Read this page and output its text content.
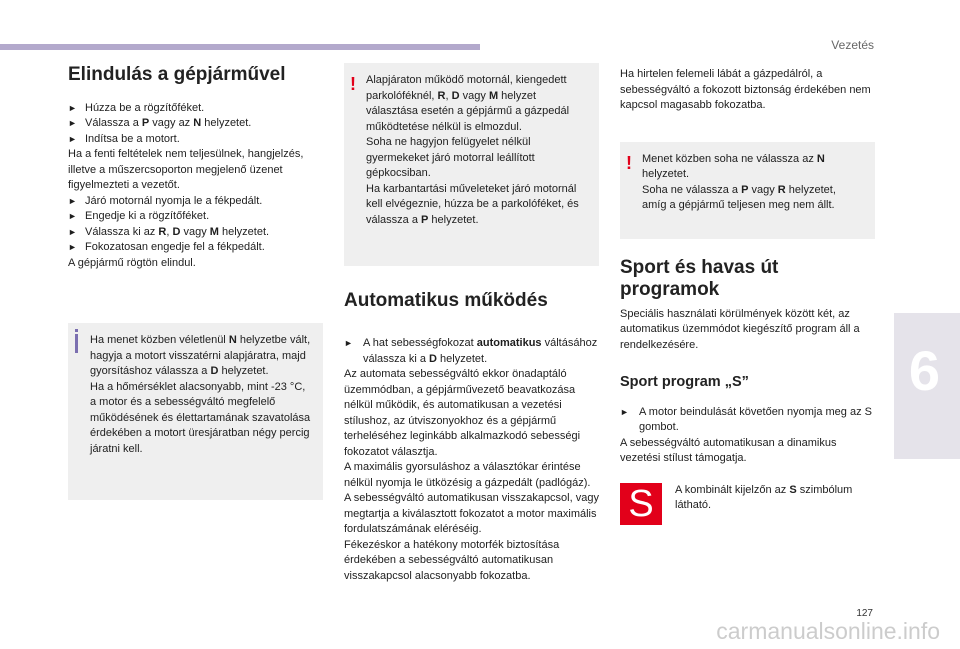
Vezetés
6
127
carmanualsonline.info
Elindulás a gépjárművel
► Húzza be a rögzítőféket.
► Válassza a P vagy az N helyzetet.
► Indítsa be a motort.

Ha a fenti feltételek nem teljesülnek, hangjelzés, illetve a műszercsoporton megjelenő üzenet figyelmezteti a vezetőt.

► Járó motornál nyomja le a fékpedált.
► Engedje ki a rögzítőféket.
► Válassza ki az R, D vagy M helyzetet.
► Fokozatosan engedje fel a fékpedált.

A gépjármű rögtön elindul.

Ha menet közben véletlenül N helyzetbe vált, hagyja a motort visszatérni alapjáratra, majd gyorsításhoz válassza a D helyzetet.

Ha a hőmérséklet alacsonyabb, mint -23 °C, a motor és a sebességváltó megfelelő működésének és élettartamának szavatolása érdekében a motort üresjáratban négy percig járatni kell.

! Alapjáraton működő motornál, kiengedett parkolóféknél, R, D vagy M helyzet választása esetén a gépjármű a gázpedál működtetése nélkül is elmozdul.

Soha ne hagyjon felügyelet nélkül gyermekeket járó motorral leállított gépkocsiban.

Ha karbantartási műveleteket járó motornál kell elvégeznie, húzza be a parkolóféket, és válassza a P helyzetet.

Automatikus működés
► A hat sebességfokozat automatikus váltásához válassza ki a D helyzetet.

Az automata sebességváltó ekkor önadaptáló üzemmódban, a gépjárművezető beavatkozása nélkül működik, és automatikusan a vezetési stílushoz, az útviszonyokhoz és a gépjármű terheléséhez leginkább alkalmazkodó sebességi fokozatot választja.

A maximális gyorsuláshoz a választókar érintése nélkül nyomja le ütközésig a gázpedált (padlógáz). A sebességváltó automatikusan visszakapcsol, vagy megtartja a kiválasztott fokozatot a motor maximális fordulatszámának eléréséig.

Fékezéskor a hatékony motorfék biztosítása érdekében a sebességváltó automatikusan visszakapcsol alacsonyabb fokozatba.

Ha hirtelen felemeli lábát a gázpedálról, a sebességváltó a fokozott biztonság érdekében nem kapcsol magasabb fokozatba.

! Menet közben soha ne válassza az N helyzetet.

Soha ne válassza a P vagy R helyzetet, amíg a gépjármű teljesen meg nem állt.

Sport és havas út programok

Speciális használati körülmények között két, az automatikus üzemmódot kiegészítő program áll a rendelkezésére.

Sport program „S”
► A motor beindulását követően nyomja meg az S gombot.

A sebességváltó automatikusan a dinamikus vezetési stílust támogatja.

S	A kombinált kijelzőn az S szimbólum látható.
